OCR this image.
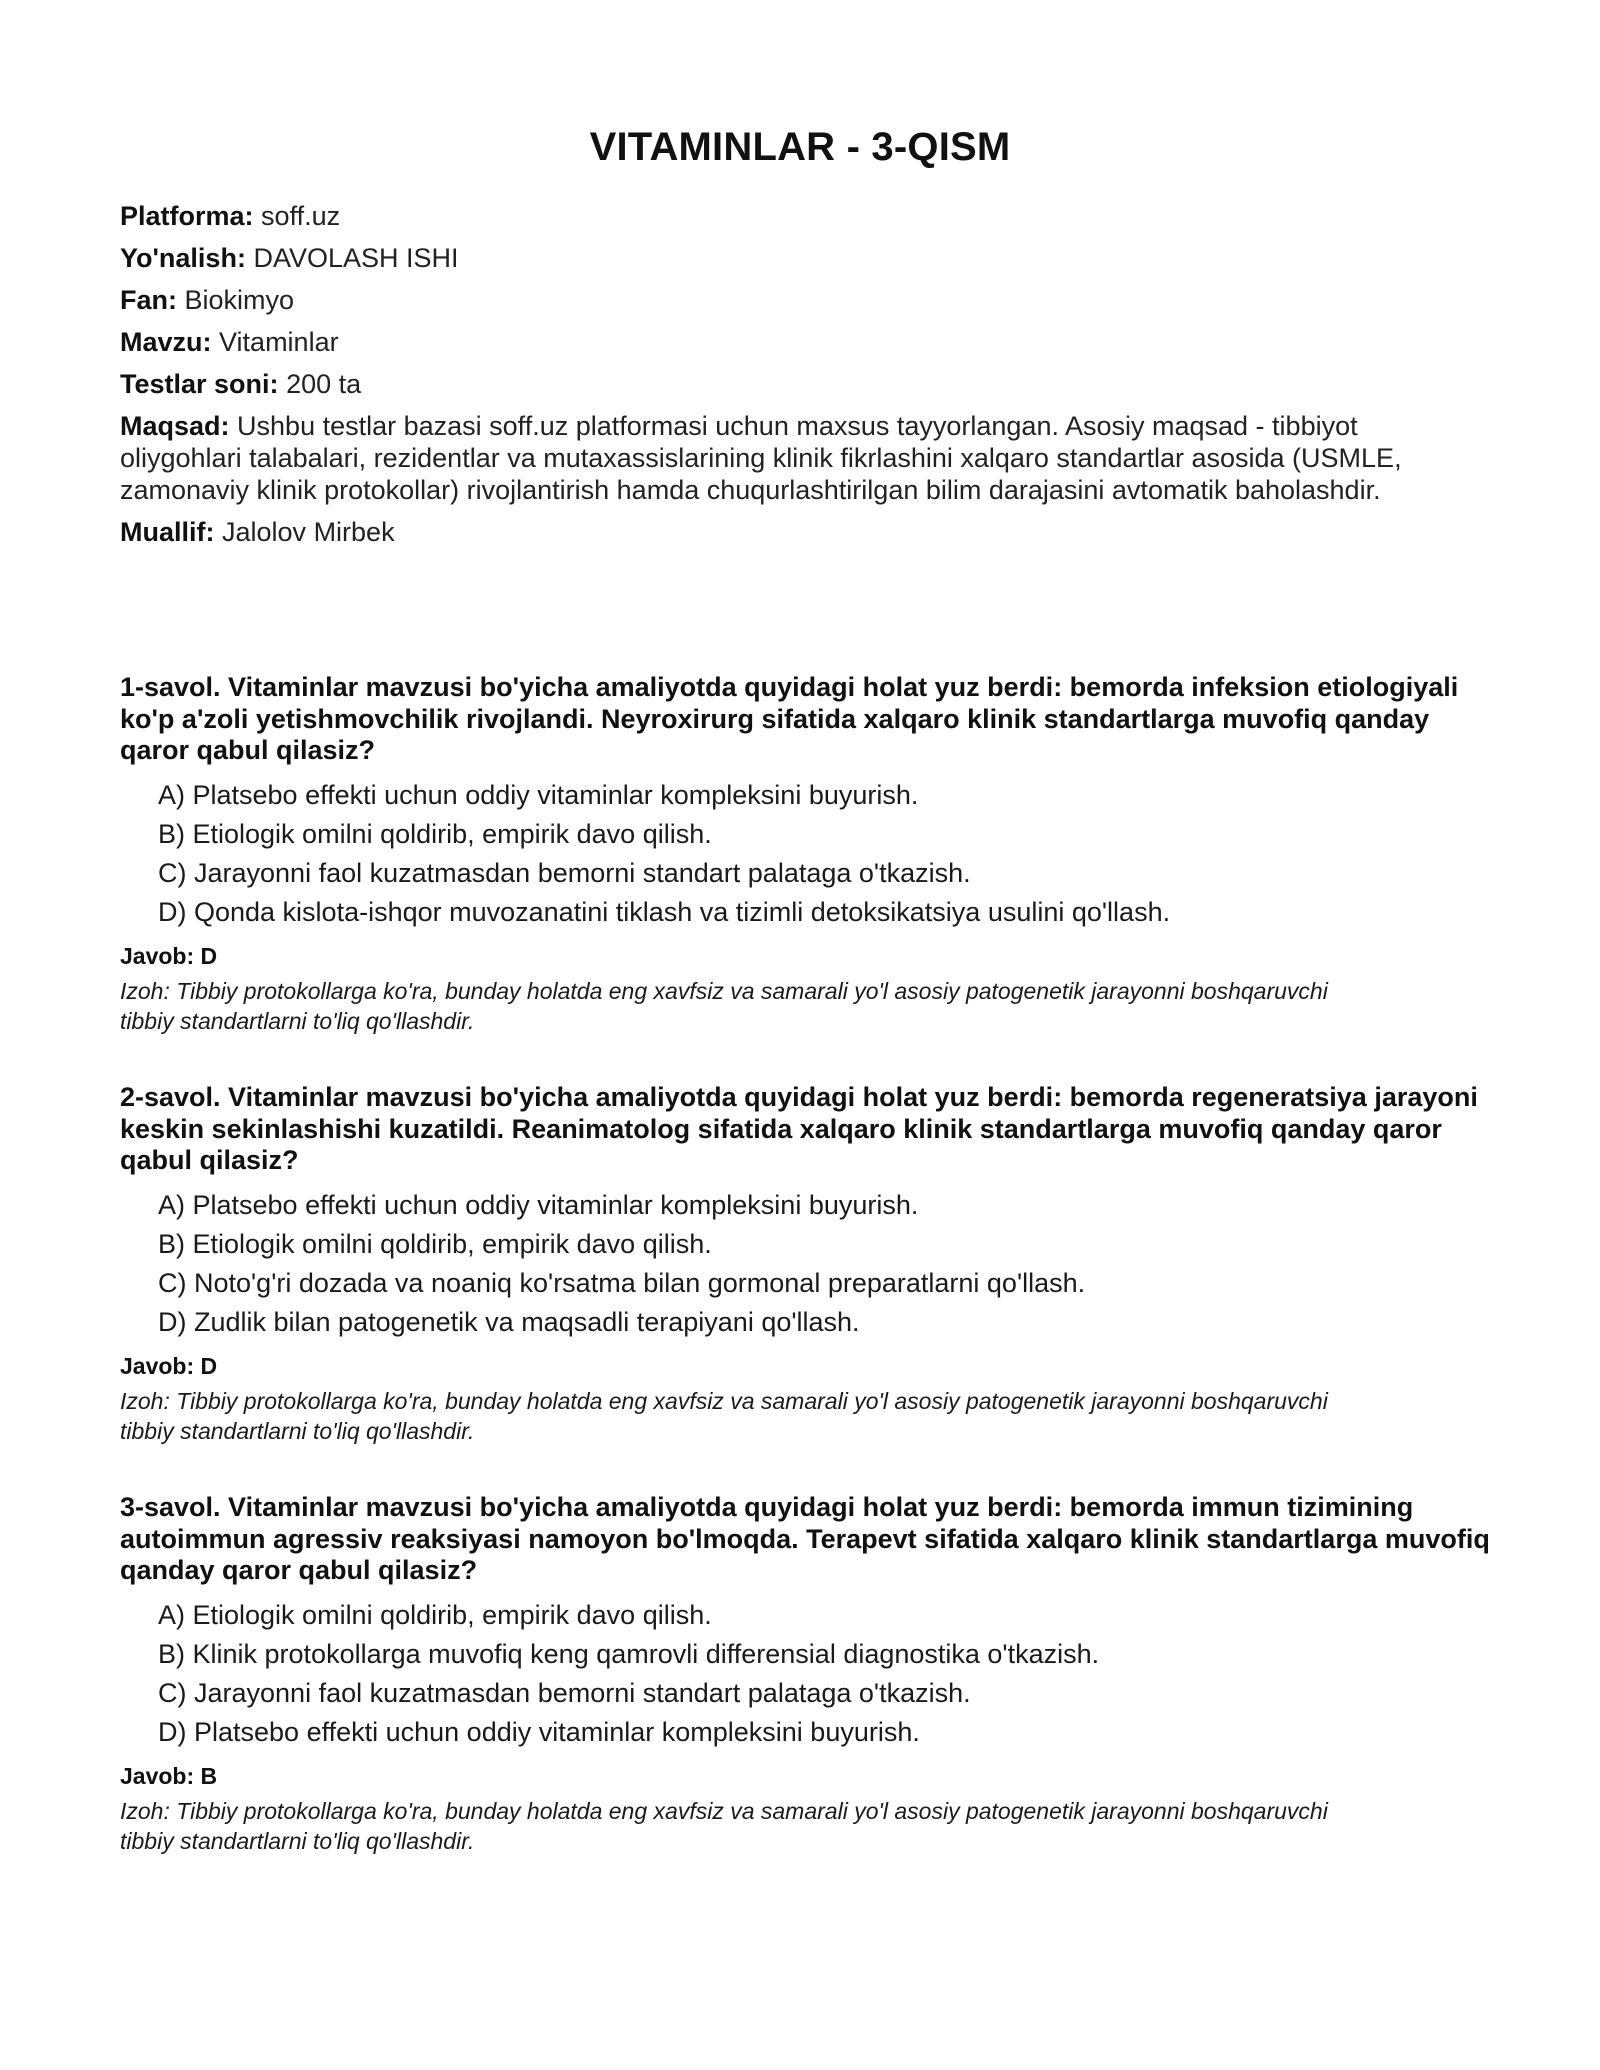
VITAMINLAR - 3-QISM
Platforma: soff.uz
Yo'nalish: DAVOLASH ISHI
Fan: Biokimyo
Mavzu: Vitaminlar
Testlar soni: 200 ta
Maqsad: Ushbu testlar bazasi soff.uz platformasi uchun maxsus tayyorlangan. Asosiy maqsad - tibbiyot oliygohlari talabalari, rezidentlar va mutaxassislarining klinik fikrlashini xalqaro standartlar asosida (USMLE, zamonaviy klinik protokollar) rivojlantirish hamda chuqurlashtirilgan bilim darajasini avtomatik baholashdir.
Muallif: Jalolov Mirbek

1-savol. Vitaminlar mavzusi bo'yicha amaliyotda quyidagi holat yuz berdi: bemorda infeksion etiologiyali ko'p a'zoli yetishmovchilik rivojlandi. Neyroxirurg sifatida xalqaro klinik standartlarga muvofiq qanday qaror qabul qilasiz?

A) Platsebo effekti uchun oddiy vitaminlar kompleksini buyurish.
B) Etiologik omilni qoldirib, empirik davo qilish.
C) Jarayonni faol kuzatmasdan bemorni standart palataga o'tkazish.
D) Qonda kislota-ishqor muvozanatini tiklash va tizimli detoksikatsiya usulini qo'llash.
Javob: D

Izoh: Tibbiy protokollarga ko'ra, bunday holatda eng xavfsiz va samarali yo'l asosiy patogenetik jarayonni boshqaruvchi tibbiy standartlarni to'liq qo'llashdir.

2-savol. Vitaminlar mavzusi bo'yicha amaliyotda quyidagi holat yuz berdi: bemorda regeneratsiya jarayoni keskin sekinlashishi kuzatildi. Reanimatolog sifatida xalqaro klinik standartlarga muvofiq qanday qaror qabul qilasiz?

A) Platsebo effekti uchun oddiy vitaminlar kompleksini buyurish.
B) Etiologik omilni qoldirib, empirik davo qilish.
C) Noto'g'ri dozada va noaniq ko'rsatma bilan gormonal preparatlarni qo'llash.
D) Zudlik bilan patogenetik va maqsadli terapiyani qo'llash.
Javob: D

Izoh: Tibbiy protokollarga ko'ra, bunday holatda eng xavfsiz va samarali yo'l asosiy patogenetik jarayonni boshqaruvchi tibbiy standartlarni to'liq qo'llashdir.

3-savol. Vitaminlar mavzusi bo'yicha amaliyotda quyidagi holat yuz berdi: bemorda immun tizimining autoimmun agressiv reaksiyasi namoyon bo'lmoqda. Terapevt sifatida xalqaro klinik standartlarga muvofiq qanday qaror qabul qilasiz?

A) Etiologik omilni qoldirib, empirik davo qilish.
B) Klinik protokollarga muvofiq keng qamrovli differensial diagnostika o'tkazish.
C) Jarayonni faol kuzatmasdan bemorni standart palataga o'tkazish.
D) Platsebo effekti uchun oddiy vitaminlar kompleksini buyurish.
Javob: B

Izoh: Tibbiy protokollarga ko'ra, bunday holatda eng xavfsiz va samarali yo'l asosiy patogenetik jarayonni boshqaruvchi tibbiy standartlarni to'liq qo'llashdir.
